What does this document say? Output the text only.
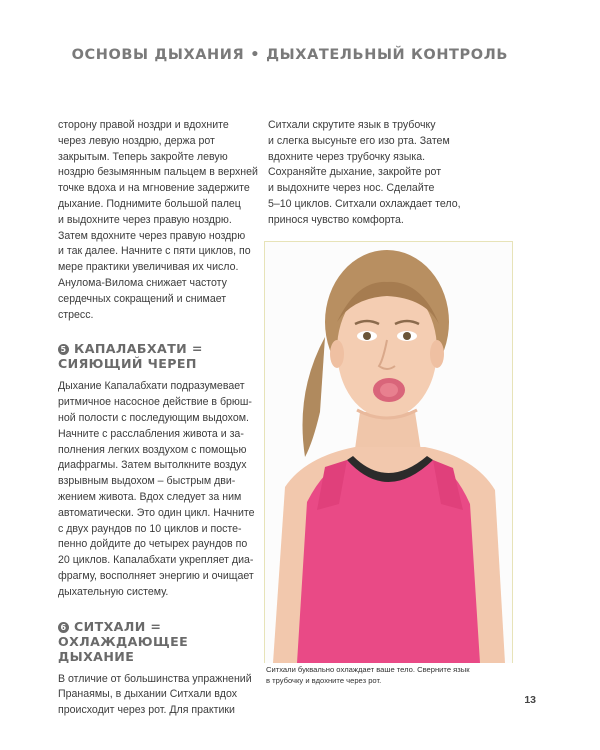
ОСНОВЫ ДЫХАНИЯ • ДЫХАТЕЛЬНЫЙ КОНТРОЛЬ

сторону правой ноздри и вдохните
через левую ноздрю, держа рот
закрытым. Теперь закройте левую
ноздрю безымянным пальцем в верхней
точке вдоха и на мгновение задержите
дыхание. Поднимите большой палец
и выдохните через правую ноздрю.
Затем вдохните через правую ноздрю
и так далее. Начните с пяти циклов, по
мере практики увеличивая их число.
Анулома-Вилома снижает частоту
сердечных сокращений и снимает стресс.

5 КАПАЛАБХАТИ =
СИЯЮЩИЙ ЧЕРЕП

Дыхание Капалабхати подразумевает
ритмичное насосное действие в брюш-
ной полости с последующим выдохом.
Начните с расслабления живота и за-
полнения легких воздухом с помощью
диафрагмы. Затем вытолкните воздух
взрывным выдохом – быстрым дви-
жением живота. Вдох следует за ним
автоматически. Это один цикл. Начните
с двух раундов по 10 циклов и посте-
пенно дойдите до четырех раундов по
20 циклов. Капалабхати укрепляет диа-
фрагму, восполняет энергию и очищает
дыхательную систему.

6 СИТХАЛИ =
ОХЛАЖДАЮЩЕЕ ДЫХАНИЕ

В отличие от большинства упражнений
Пранаямы, в дыхании Ситхали вдох
происходит через рот. Для практики

Ситхали скрутите язык в трубочку
и слегка высуньте его изо рта. Затем
вдохните через трубочку языка.
Сохраняйте дыхание, закройте рот
и выдохните через нос. Сделайте
5–10 циклов. Ситхали охлаждает тело,
принося чувство комфорта.

Ситхали буквально охлаждает ваше тело. Сверните язык
в трубочку и вдохните через рот.
13
